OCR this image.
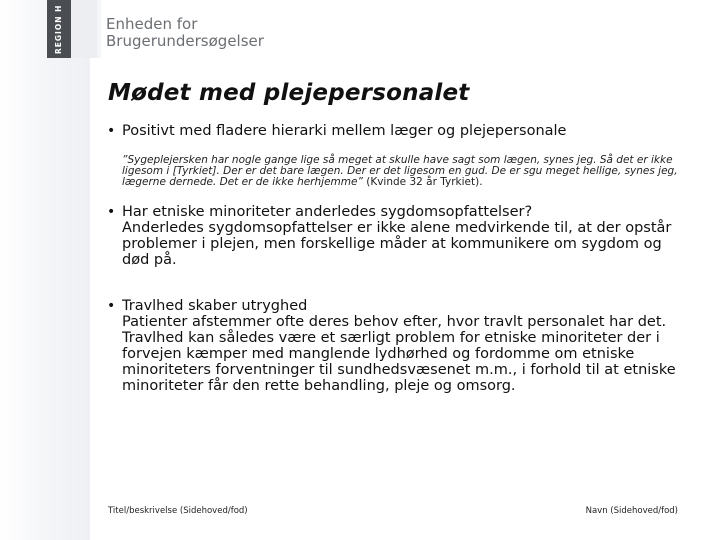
REGION H	Enheden for
Brugerundersøgelser
Mødet med plejepersonalet
• Positivt med fladere hierarki mellem læger og plejepersonale
”Sygeplejersken har nogle gange lige så meget at skulle have sagt som lægen, synes jeg. Så det er ikke ligesom i [Tyrkiet]. Der er det bare lægen. Der er det ligesom en gud. De er sgu meget hellige, synes jeg, lægerne dernede. Det er de ikke herhjemme” (Kvinde 32 år Tyrkiet).
• Har etniske minoriteter anderledes sygdomsopfattelser?
Anderledes sygdomsopfattelser er ikke alene medvirkende til, at der opstår problemer i plejen, men forskellige måder at kommunikere om sygdom og død på.
• Travlhed skaber utryghed
Patienter afstemmer ofte deres behov efter, hvor travlt personalet har det. Travlhed kan således være et særligt problem for etniske minoriteter der i forvejen kæmper med manglende lydhørhed og fordomme om etniske minoriteters forventninger til sundhedsvæsenet m.m., i forhold til at etniske minoriteter får den rette behandling, pleje og omsorg.
Titel/beskrivelse (Sidehoved/fod)	Navn (Sidehoved/fod)
